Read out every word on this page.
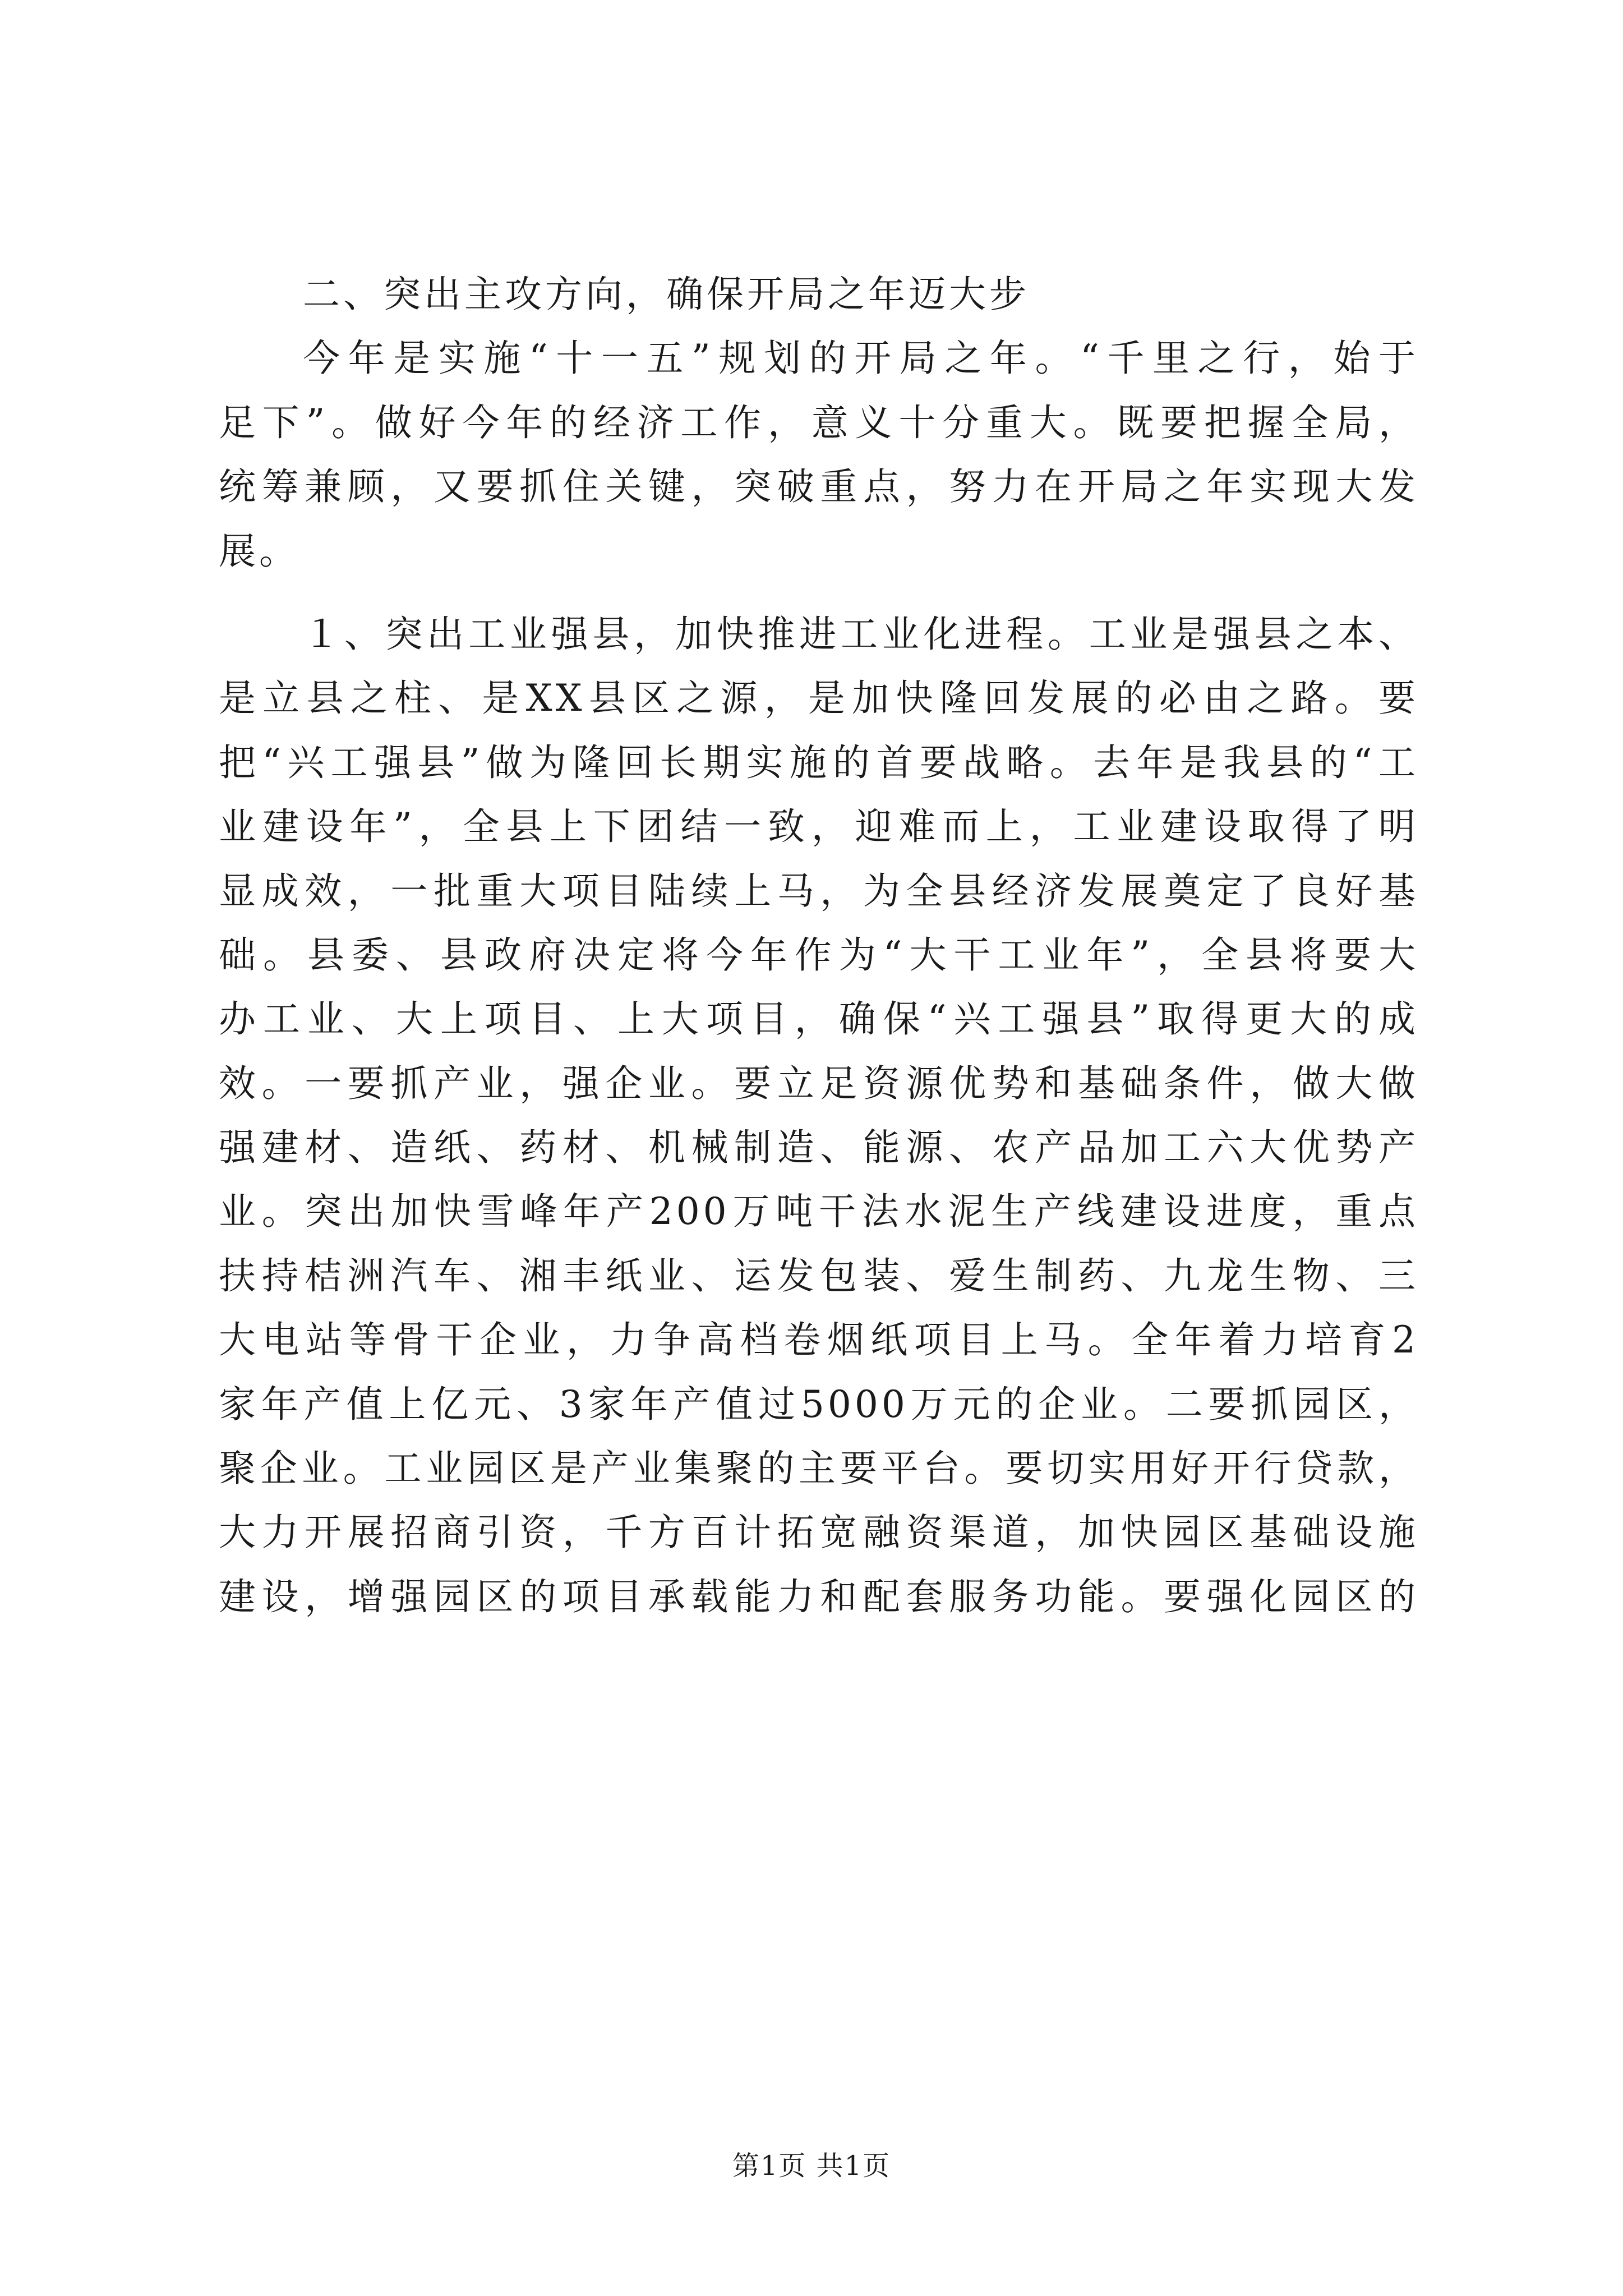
二、突出主攻方向，确保开局之年迈大步
今年是实施“十一五”规划的开局之年。“千里之行，始于
足下”。做好今年的经济工作，意义十分重大。既要把握全局，
统筹兼顾，又要抓住关键，突破重点，努力在开局之年实现大发
展。
１、突出工业强县，加快推进工业化进程。工业是强县之本、
是立县之柱、是XX县区之源，是加快隆回发展的必由之路。要
把“兴工强县”做为隆回长期实施的首要战略。去年是我县的“工
业建设年”，全县上下团结一致，迎难而上，工业建设取得了明
显成效，一批重大项目陆续上马，为全县经济发展奠定了良好基
础。县委、县政府决定将今年作为“大干工业年”，全县将要大
办工业、大上项目、上大项目，确保“兴工强县”取得更大的成
效。一要抓产业，强企业。要立足资源优势和基础条件，做大做
强建材、造纸、药材、机械制造、能源、农产品加工六大优势产
业。突出加快雪峰年产200万吨干法水泥生产线建设进度，重点
扶持桔洲汽车、湘丰纸业、运发包装、爱生制药、九龙生物、三
大电站等骨干企业，力争高档卷烟纸项目上马。全年着力培育2
家年产值上亿元、3家年产值过5000万元的企业。二要抓园区，
聚企业。工业园区是产业集聚的主要平台。要切实用好开行贷款，
大力开展招商引资，千方百计拓宽融资渠道，加快园区基础设施
建设，增强园区的项目承载能力和配套服务功能。要强化园区的
第1页 共1页
